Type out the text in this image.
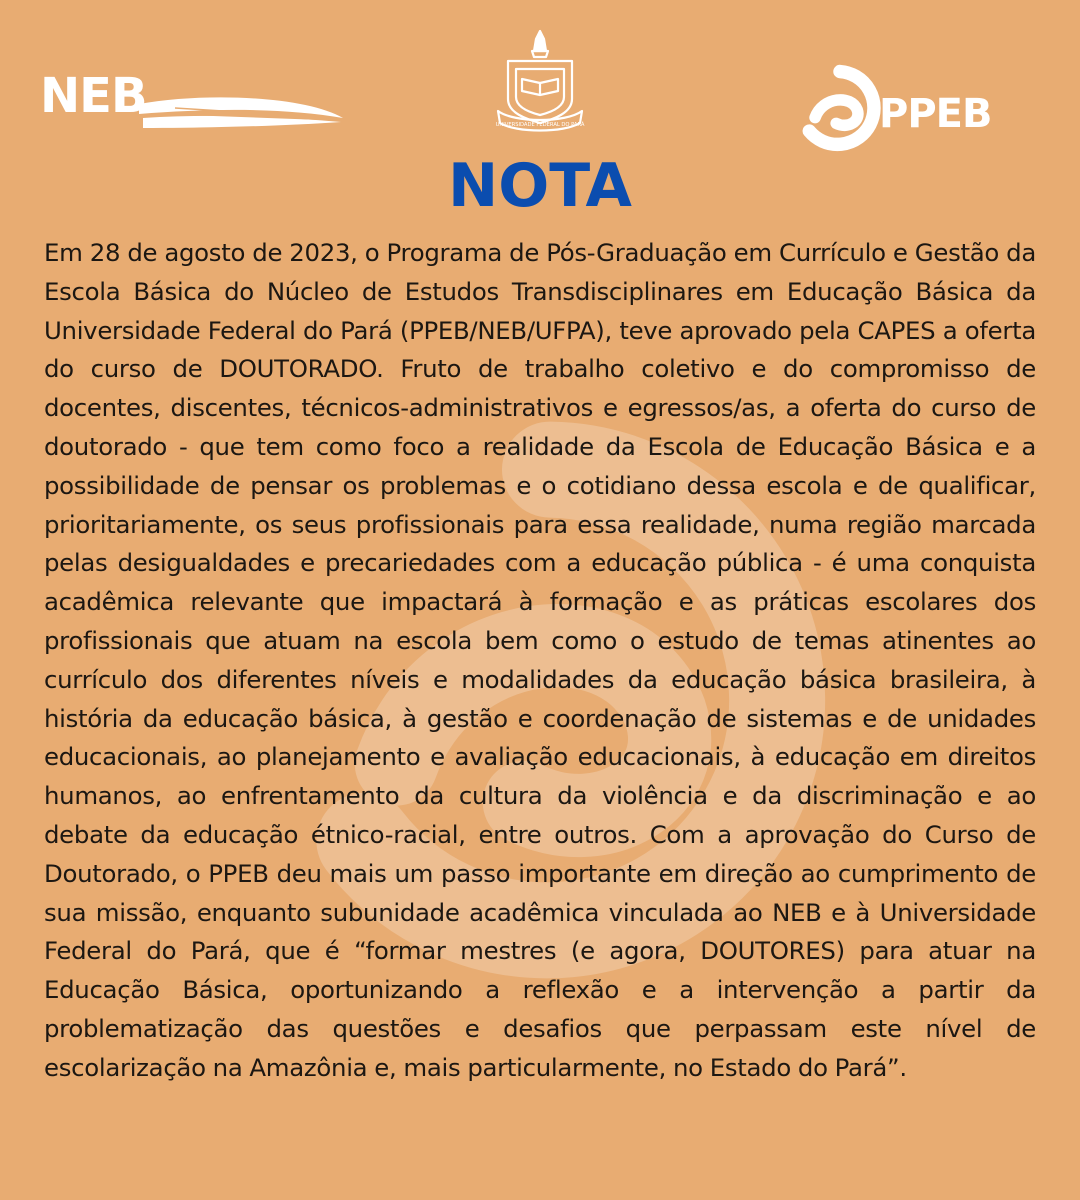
NEB
UNIVERSIDADE FEDERAL DO PARÁ	PPEB
NOTA

Em 28 de agosto de 2023, o Programa de Pós-Graduação em Currículo e Gestão da Escola Básica do Núcleo de Estudos Transdisciplinares em Educação Básica da Universidade Federal do Pará (PPEB/NEB/UFPA), teve aprovado pela CAPES a oferta do curso de DOUTORADO. Fruto de trabalho coletivo e do compromisso de docentes, discentes, técnicos-administrativos e egressos/as, a oferta do curso de doutorado - que tem como foco a realidade da Escola de Educação Básica e a possibilidade de pensar os problemas e o cotidiano dessa escola e de qualificar, prioritariamente, os seus profissionais para essa realidade, numa região marcada pelas desigualdades e precariedades com a educação pública - é uma conquista acadêmica relevante que impactará à formação e as práticas escolares dos profissionais que atuam na escola bem como o estudo de temas atinentes ao currículo dos diferentes níveis e modalidades da educação básica brasileira, à história da educação básica, à gestão e coordenação de sistemas e de unidades educacionais, ao planejamento e avaliação educacionais, à educação em direitos humanos, ao enfrentamento da cultura da violência e da discriminação e ao debate da educação étnico-racial, entre outros. Com a aprovação do Curso de Doutorado, o PPEB deu mais um passo importante em direção ao cumprimento de sua missão, enquanto subunidade acadêmica vinculada ao NEB e à Universidade Federal do Pará, que é “formar mestres (e agora, DOUTORES) para atuar na Educação Básica, oportunizando a reflexão e a intervenção a partir da problematização das questões e desafios que perpassam este nível de escolarização na Amazônia e, mais particularmente, no Estado do Pará”.
